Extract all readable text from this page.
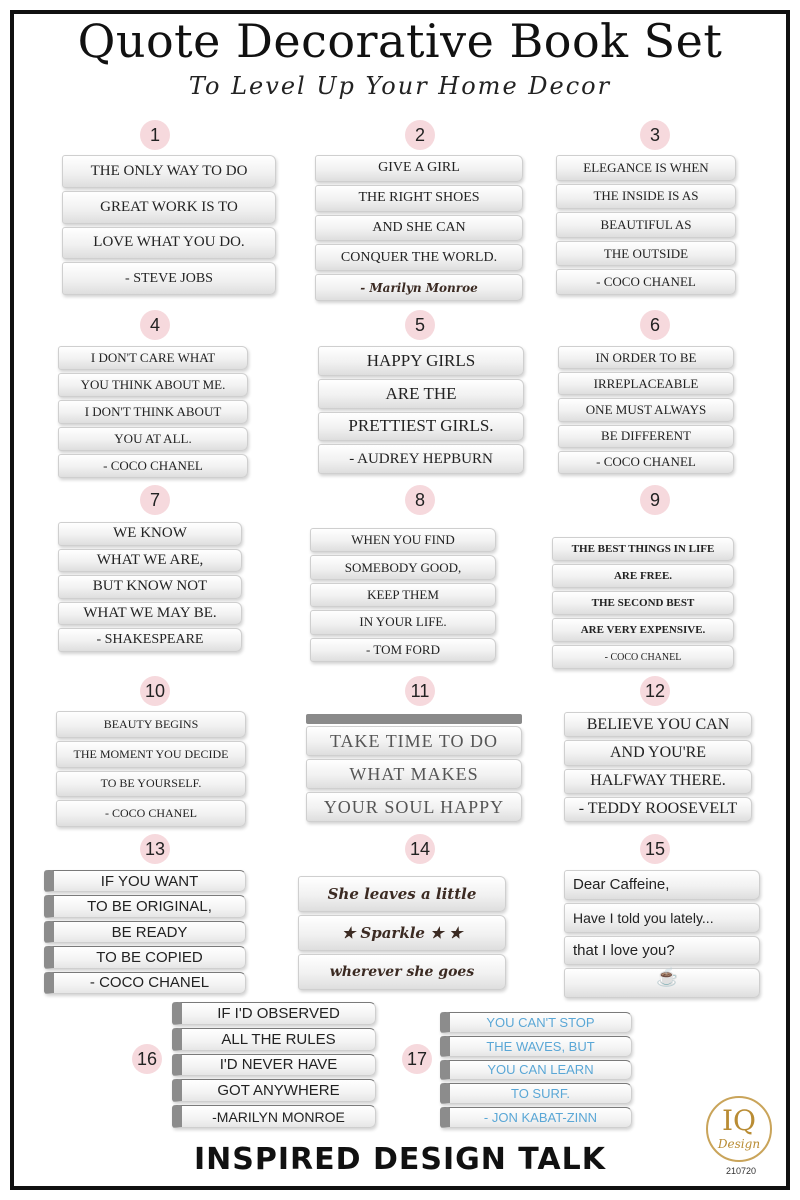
Quote Decorative Book Set
To Level Up Your Home Decor
1
THE ONLY WAY TO DO
GREAT WORK IS TO
LOVE WHAT YOU DO.
- STEVE JOBS
2
GIVE A GIRL
THE RIGHT SHOES
AND SHE CAN
CONQUER THE WORLD.
- Marilyn Monroe
3
ELEGANCE IS WHEN
THE INSIDE IS AS
BEAUTIFUL AS
THE OUTSIDE
- COCO CHANEL
4
I DON'T CARE WHAT
YOU THINK ABOUT ME.
I DON'T THINK ABOUT
YOU AT ALL.
- COCO CHANEL
5
HAPPY GIRLS
ARE THE
PRETTIEST GIRLS.
- AUDREY HEPBURN
6
IN ORDER TO BE
IRREPLACEABLE
ONE MUST ALWAYS
BE DIFFERENT
- COCO CHANEL
7
WE KNOW
WHAT WE ARE,
BUT KNOW NOT
WHAT WE MAY BE.
- SHAKESPEARE
8
WHEN YOU FIND
SOMEBODY GOOD,
KEEP THEM
IN YOUR LIFE.
- TOM FORD
9
THE BEST THINGS IN LIFE
ARE FREE.
THE SECOND BEST
ARE VERY EXPENSIVE.
- COCO CHANEL
10
BEAUTY BEGINS
THE MOMENT YOU DECIDE
TO BE YOURSELF.
- COCO CHANEL
11
TAKE TIME TO DO
WHAT MAKES
YOUR SOUL HAPPY
12
BELIEVE YOU CAN
AND YOU'RE
HALFWAY THERE.
- TEDDY ROOSEVELT
13
IF YOU WANT
TO BE ORIGINAL,
BE READY
TO BE COPIED
- COCO CHANEL
14
She leaves a little
★ Sparkle ★ ★
wherever she goes
15
Dear Caffeine,
Have I told you lately...
that I love you?
☕
16
IF I'D OBSERVED
ALL THE RULES
I'D NEVER HAVE
GOT ANYWHERE
-MARILYN MONROE
17
YOU CAN'T STOP
THE WAVES, BUT
YOU CAN LEARN
TO SURF.
- JON KABAT-ZINN
INSPIRED DESIGN TALK
IQ
Design
210720
